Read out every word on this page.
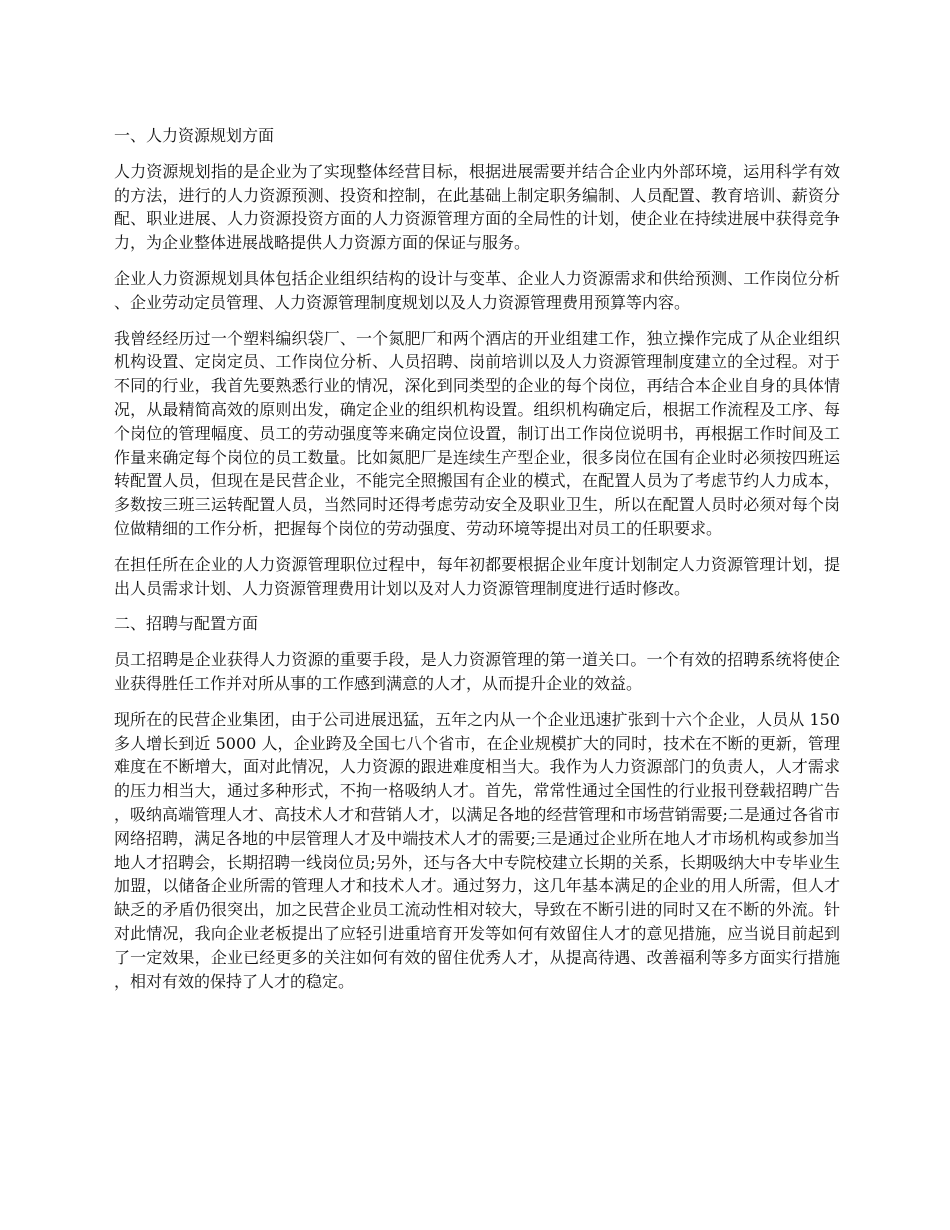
一、人力资源规划方面

人力资源规划指的是企业为了实现整体经营目标，根据进展需要并结合企业内外部环境，运用科学有效的方法，进行的人力资源预测、投资和控制，在此基础上制定职务编制、人员配置、教育培训、薪资分配、职业进展、人力资源投资方面的人力资源管理方面的全局性的计划，使企业在持续进展中获得竞争力，为企业整体进展战略提供人力资源方面的保证与服务。

企业人力资源规划具体包括企业组织结构的设计与变革、企业人力资源需求和供给预测、工作岗位分析、企业劳动定员管理、人力资源管理制度规划以及人力资源管理费用预算等内容。

我曾经经历过一个塑料编织袋厂、一个氮肥厂和两个酒店的开业组建工作，独立操作完成了从企业组织机构设置、定岗定员、工作岗位分析、人员招聘、岗前培训以及人力资源管理制度建立的全过程。对于不同的行业，我首先要熟悉行业的情况，深化到同类型的企业的每个岗位，再结合本企业自身的具体情况，从最精简高效的原则出发，确定企业的组织机构设置。组织机构确定后，根据工作流程及工序、每个岗位的管理幅度、员工的劳动强度等来确定岗位设置，制订出工作岗位说明书，再根据工作时间及工作量来确定每个岗位的员工数量。比如氮肥厂是连续生产型企业，很多岗位在国有企业时必须按四班运转配置人员，但现在是民营企业，不能完全照搬国有企业的模式，在配置人员为了考虑节约人力成本，多数按三班三运转配置人员，当然同时还得考虑劳动安全及职业卫生，所以在配置人员时必须对每个岗位做精细的工作分析，把握每个岗位的劳动强度、劳动环境等提出对员工的任职要求。

在担任所在企业的人力资源管理职位过程中，每年初都要根据企业年度计划制定人力资源管理计划，提出人员需求计划、人力资源管理费用计划以及对人力资源管理制度进行适时修改。

二、招聘与配置方面

员工招聘是企业获得人力资源的重要手段，是人力资源管理的第一道关口。一个有效的招聘系统将使企业获得胜任工作并对所从事的工作感到满意的人才，从而提升企业的效益。

现所在的民营企业集团，由于公司进展迅猛，五年之内从一个企业迅速扩张到十六个企业，人员从 150 多人增长到近 5000 人，企业跨及全国七八个省市，在企业规模扩大的同时，技术在不断的更新，管理难度在不断增大，面对此情况，人力资源的跟进难度相当大。我作为人力资源部门的负责人，人才需求的压力相当大，通过多种形式，不拘一格吸纳人才。首先，常常性通过全国性的行业报刊登载招聘广告，吸纳高端管理人才、高技术人才和营销人才，以满足各地的经营管理和市场营销需要;二是通过各省市网络招聘，满足各地的中层管理人才及中端技术人才的需要;三是通过企业所在地人才市场机构或参加当地人才招聘会，长期招聘一线岗位员;另外，还与各大中专院校建立长期的关系，长期吸纳大中专毕业生加盟，以储备企业所需的管理人才和技术人才。通过努力，这几年基本满足的企业的用人所需，但人才缺乏的矛盾仍很突出，加之民营企业员工流动性相对较大，导致在不断引进的同时又在不断的外流。针对此情况，我向企业老板提出了应轻引进重培育开发等如何有效留住人才的意见措施，应当说目前起到了一定效果，企业已经更多的关注如何有效的留住优秀人才，从提高待遇、改善福利等多方面实行措施，相对有效的保持了人才的稳定。
